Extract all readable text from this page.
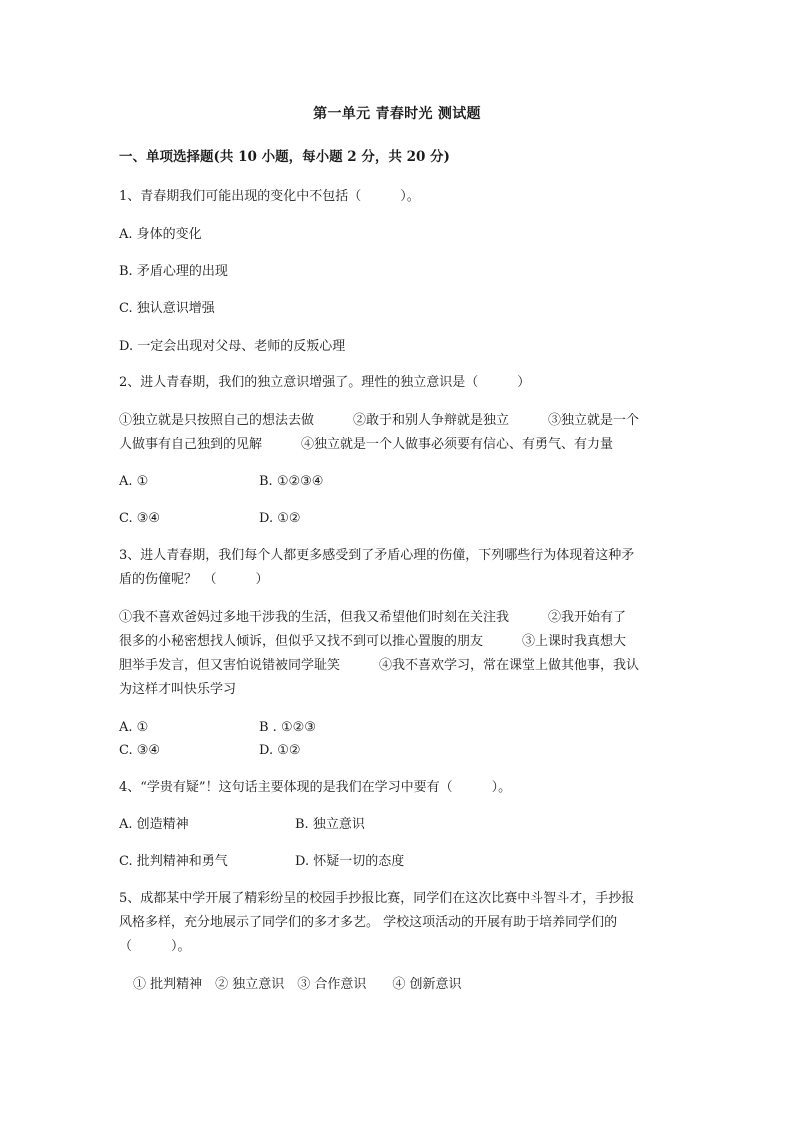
第一单元 青春时光 测试题
一、单项选择题(共 10 小题，每小题 2 分，共 20 分)
1、青春期我们可能出现的变化中不包括（　　　）。
A. 身体的变化
B. 矛盾心理的出现
C. 独认意识增强
D. 一定会出现对父母、老师的反叛心理
2、进人青春期，我们的独立意识增强了。理性的独立意识是（　　　）
①独立就是只按照自己的想法去做　　　②敢于和别人争辩就是独立　　　③独立就是一个
人做事有自己独到的见解　　　④独立就是一个人做事必须要有信心、有勇气、有力量
A. ①	B. ①②③④
C. ③④	D. ①②
3、进人青春期，我们每个人都更多感受到了矛盾心理的伤僮，下列哪些行为体现着这种矛
盾的伤僮呢？　（　　　）
①我不喜欢爸妈过多地干涉我的生活，但我又希望他们时刻在关注我　　　②我开始有了
很多的小秘密想找人倾诉，但似乎又找不到可以推心置腹的朋友　　　③上课时我真想大
胆举手发言，但又害怕说错被同学耻笑　　　④我不喜欢学习，常在课堂上做其他事，我认
为这样才叫快乐学习
A. ①	B . ①②③
C. ③④	D. ①②
4、“学贵有疑”！这句话主要体现的是我们在学习中要有（　　　）。
A. 创造精神	B. 独立意识
C. 批判精神和勇气	D. 怀疑一切的态度
5、成都某中学开展了精彩纷呈的校园手抄报比赛，同学们在这次比赛中斗智斗才，手抄报
风格多样，充分地展示了同学们的多才多艺。 学校这项活动的开展有助于培养同学们的
（　　　）。
① 批判精神　② 独立意识　③ 合作意识　　④ 创新意识
